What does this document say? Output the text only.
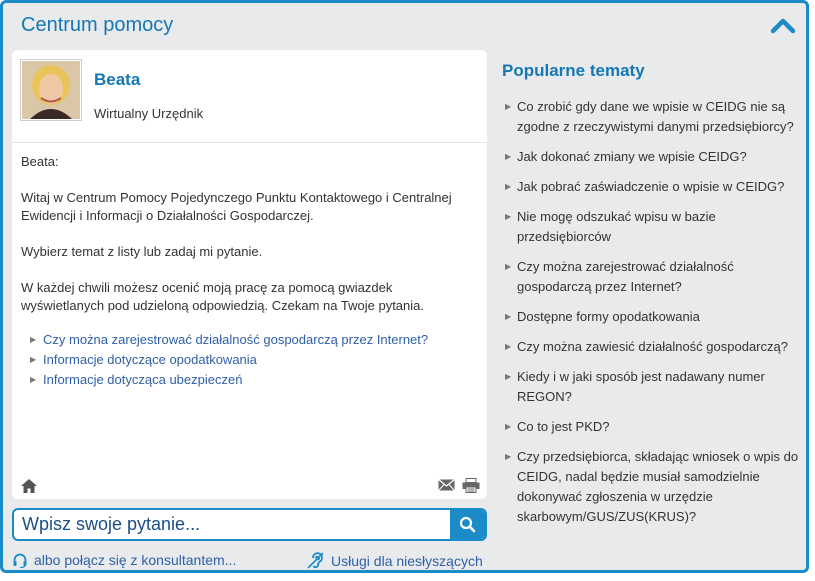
Centrum pomocy
Beata
Wirtualny Urzędnik

Beata:

Witaj w Centrum Pomocy Pojedynczego Punktu Kontaktowego i Centralnej Ewidencji i Informacji o Działalności Gospodarczej.

Wybierz temat z listy lub zadaj mi pytanie.

W każdej chwili możesz ocenić moją pracę za pomocą gwiazdek wyświetlanych pod udzieloną odpowiedzią. Czekam na Twoje pytania.

▶ Czy można zarejestrować działalność gospodarczą przez Internet?
▶ Informacje dotyczące opodatkowania
▶ Informacje dotycząca ubezpieczeń
Wpisz swoje pytanie...
albo połącz się z konsultantem...	Usługi dla niesłyszących
Popularne tematy
▶ Co zrobić gdy dane we wpisie w CEIDG nie są zgodne z rzeczywistymi danymi przedsiębiorcy?
▶ Jak dokonać zmiany we wpisie CEIDG?
▶ Jak pobrać zaświadczenie o wpisie w CEIDG?
▶ Nie mogę odszukać wpisu w bazie przedsiębiorców
▶ Czy można zarejestrować działalność gospodarczą przez Internet?
▶ Dostępne formy opodatkowania
▶ Czy można zawiesić działalność gospodarczą?
▶ Kiedy i w jaki sposób jest nadawany numer REGON?
▶ Co to jest PKD?
▶ Czy przedsiębiorca, składając wniosek o wpis do CEIDG, nadal będzie musiał samodzielnie dokonywać zgłoszenia w urzędzie skarbowym/GUS/ZUS(KRUS)?
